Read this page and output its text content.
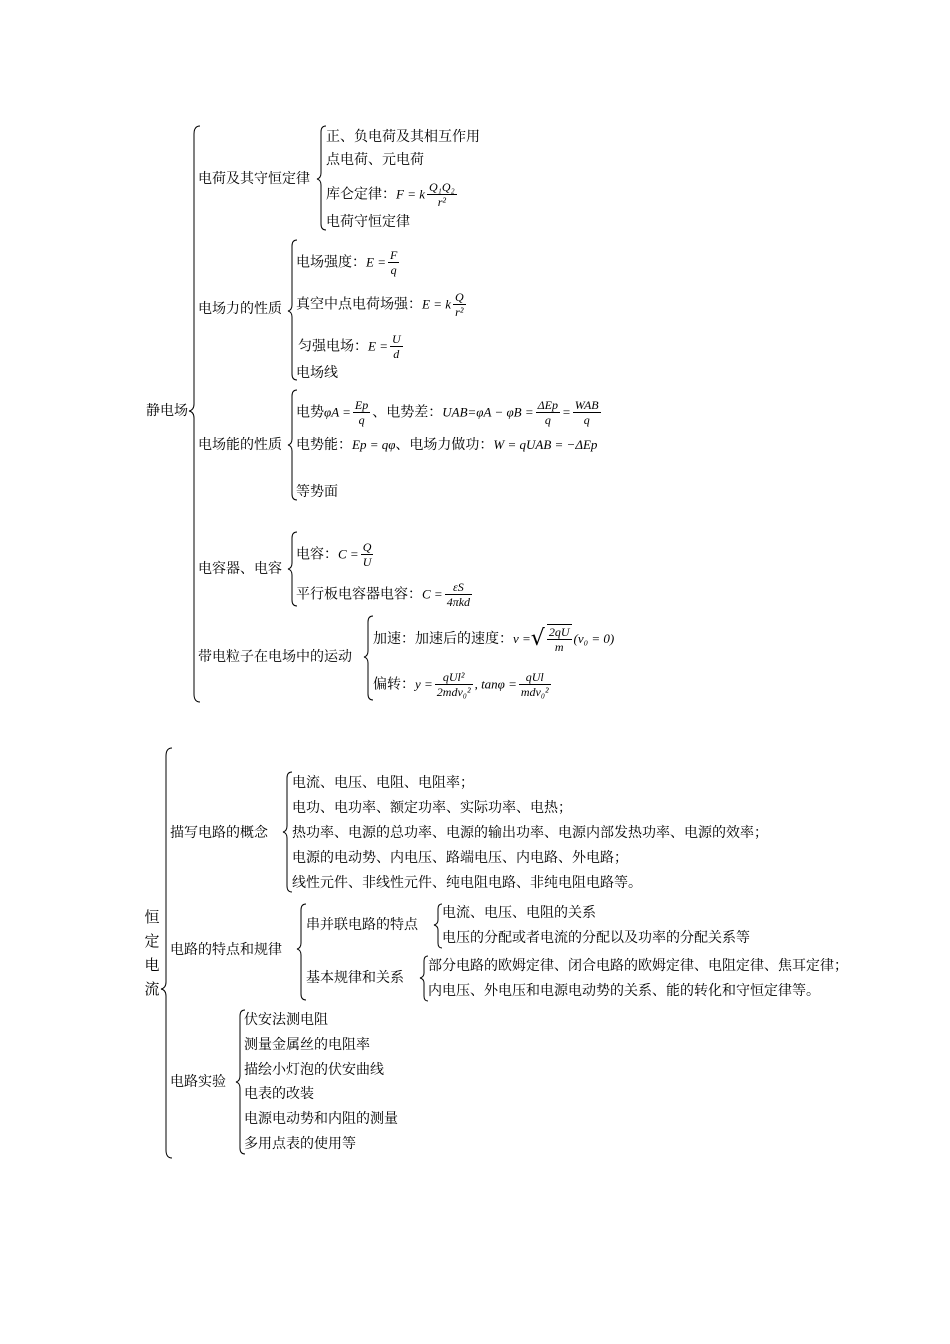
静电场
电荷及其守恒定律
正、负电荷及其相互作用
点电荷、元电荷
库仑定律：F = k $\frac{\text{Q₁Q₂}}{\text{r²}}$
电荷守恒定律
电场力的性质
电场强度：$E = \frac{F}{q}$
真空中点电荷场强：E = k $\frac{Q}{\text{r²}}$
匀强电场：$E = \frac{U}{d}$
电场线
电场能的性质
电势$\varphi A = \frac{Ep}{q}$ 、电势差：$UAB=\varphi A - \varphi B = \frac{\text{ΔEp}}{q} = \frac{\text{WAB}}{q}$
电势能：Ep = qφ、电场力做功：W = qUAB = −ΔEp
等势面
电容器、电容
电容：$C = \frac{Q}{U}$
平行板电容器电容：$C = \frac{\varepsilon S}{\text{4πkd}}$
带电粒子在电场中的运动
加速：加速后的速度：v =√ $\frac{2qU}{m} (v_0 = 0)$
偏转：$y = \frac{\text{qUl²}}{\text{2mdv₀²}}$ , $\tan\varphi = \frac{\text{qUl}}{\text{mdv₀²}}$
恒
定
电
流
描写电路的概念
电流、电压、电阻、电阻率；
电功、电功率、额定功率、实际功率、电热；
热功率、电源的总功率、电源的输出功率、电源内部发热功率、电源的效率；
电源的电动势、内电压、路端电压、内电路、外电路；
线性元件、非线性元件、纯电阻电路、非纯电阻电路等。
电路的特点和规律
串并联电路的特点
电流、电压、电阻的关系
电压的分配或者电流的分配以及功率的分配关系等
基本规律和关系
部分电路的欧姆定律、闭合电路的欧姆定律、电阻定律、焦耳定律；
内电压、外电压和电源电动势的关系、能的转化和守恒定律等。
电路实验
伏安法测电阻
测量金属丝的电阻率
描绘小灯泡的伏安曲线
电表的改装
电源电动势和内阻的测量
多用点表的使用等
